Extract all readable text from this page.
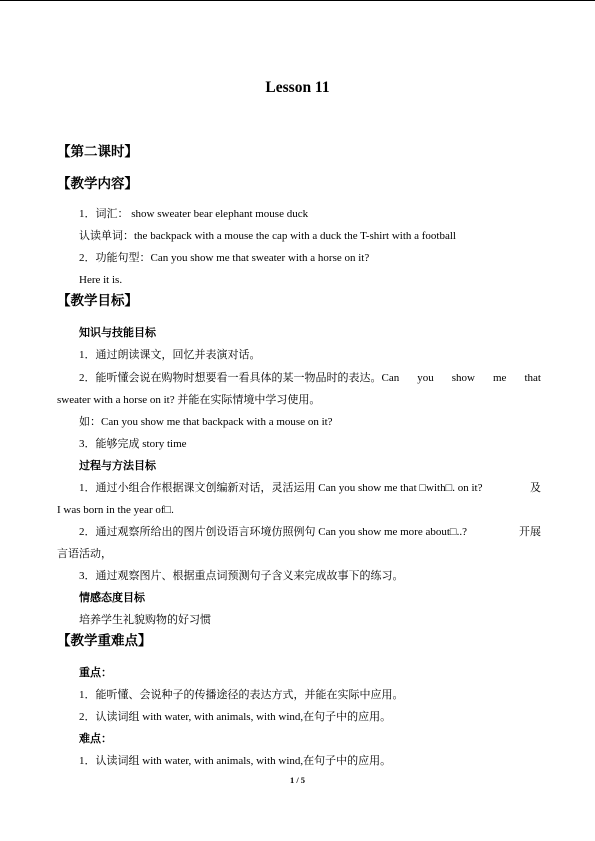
Lesson 11
【第二课时】
【教学内容】
1．词汇： show sweater bear elephant mouse duck
认读单词：the backpack with a mouse the cap with a duck the T-shirt with a football
2．功能句型：Can you show me that sweater with a horse on it?
Here it is.
【教学目标】
知识与技能目标
1．通过朗读课文，回忆并表演对话。
2．能听懂会说在购物时想要看一看具体的某一物品时的表达。Can you show me that
sweater with a horse on it? 并能在实际情境中学习使用。
如：Can you show me that backpack with a mouse on it?
3．能够完成 story time
过程与方法目标
1．通过小组合作根据课文创编新对话，灵活运用 Can you show me that □with□. on it?	及
I was born in the year of□.
2．通过观察所给出的图片创设语言环境仿照例句 Can you show me more about□..?	开展
言语活动，
3．通过观察图片、根据重点词预测句子含义来完成故事下的练习。
情感态度目标
培养学生礼貌购物的好习惯
【教学重难点】
重点：
1．能听懂、会说种子的传播途径的表达方式，并能在实际中应用。
2．认读词组 with water, with animals, with wind,在句子中的应用。
难点：
1．认读词组 with water, with animals, with wind,在句子中的应用。
1 / 5
